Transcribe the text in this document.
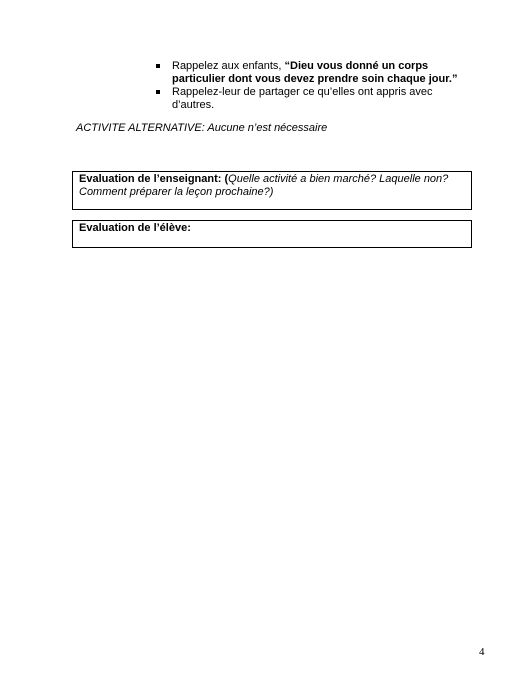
Rappelez aux enfants, “Dieu vous donné un corps particulier dont vous devez prendre soin chaque jour.”
Rappelez-leur de partager ce qu’elles ont appris avec d’autres.
ACTIVITE ALTERNATIVE: Aucune n’est nécessaire
Evaluation de l’enseignant: (Quelle activité a bien marché? Laquelle non? Comment préparer la leçon prochaine?)
Evaluation de l’élève:
4
